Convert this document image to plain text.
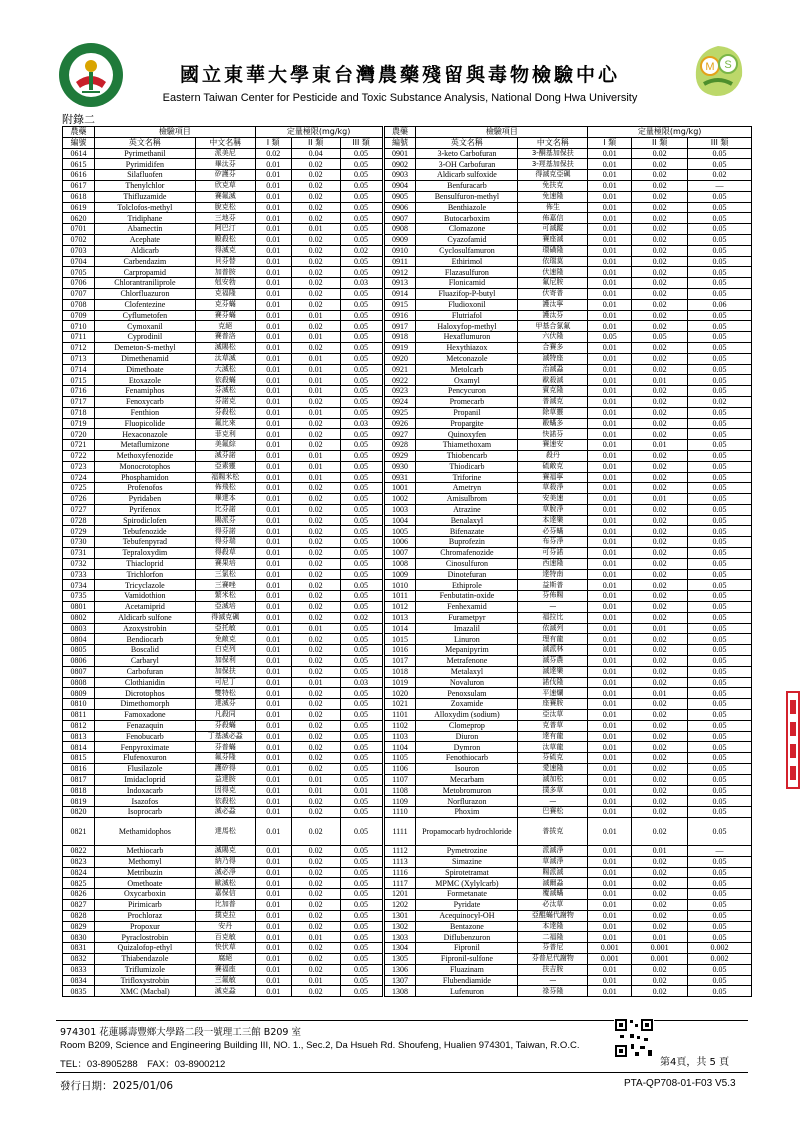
M S
國立東華大學東台灣農藥殘留與毒物檢驗中心
Eastern Taiwan Center for Pesticide and Toxic Substance Analysis, National Dong Hwa University
附錄二
農藥	檢驗項目		定量極限(mg/kg)		
編號	英文名稱	中文名稱	I 類	II 類	III 類
0614	Pyrimethanil	派美尼	0.02	0.04	0.05
0615	Pyrimidifen	畢汰芬	0.01	0.02	0.05
0616	Silafluofen	矽護芬	0.01	0.02	0.05
0617	Thenylchlor	欣克草	0.01	0.02	0.05
0618	Thifluzamide	賽氟滅	0.01	0.02	0.05
0619	Tolclofos-methyl	脫克松	0.01	0.02	0.05
0620	Tridiphane	三地芬	0.01	0.02	0.05
0701	Abamectin	阿巴汀	0.01	0.01	0.05
0702	Acephate	毆殺松	0.01	0.02	0.05
0703	Aldicarb	得滅克	0.01	0.02	0.02
0704	Carbendazim	貝芬替	0.01	0.02	0.05
0705	Carpropamid	加普胺	0.01	0.02	0.05
0706	Chlorantraniliprole	剋安勃	0.01	0.02	0.03
0707	Chlorfluazuron	克福隆	0.01	0.02	0.05
0708	Clofentezine	克芬蟎	0.01	0.02	0.05
0709	Cyflumetofen	賽芬蟎	0.01	0.01	0.05
0710	Cymoxanil	克絕	0.01	0.02	0.05
0711	Cyprodinil	賽普洛	0.01	0.01	0.05
0712	Demeton-S-methyl	滅賜松	0.01	0.02	0.05
0713	Dimethenamid	汰草滅	0.01	0.01	0.05
0714	Dimethoate	大滅松	0.01	0.01	0.05
0715	Etoxazole	依殺蟎	0.01	0.01	0.05
0716	Fenamiphos	芬滅松	0.01	0.01	0.05
0717	Fenoxycarb	芬諾克	0.01	0.02	0.05
0718	Fenthion	芬殺松	0.01	0.01	0.05
0719	Fluopicolide	氟比來	0.01	0.02	0.03
0720	Hexaconazole	菲克利	0.01	0.02	0.05
0721	Metaflumizone	美氟綜	0.01	0.02	0.05
0722	Methoxyfenozide	滅芬諾	0.01	0.01	0.05
0723	Monocrotophos	亞素靈	0.01	0.01	0.05
0724	Phosphamidon	福賜米松	0.01	0.01	0.05
0725	Profenofos	佈飛松	0.01	0.02	0.05
0726	Pyridaben	畢達本	0.01	0.02	0.05
0727	Pyrifenox	比芬諾	0.01	0.02	0.05
0728	Spirodiclofen	賜派芬	0.01	0.02	0.05
0729	Tebufenozide	得芬諾	0.01	0.02	0.05
0730	Tebufenpyrad	得芬瑞	0.01	0.02	0.05
0731	Tepraloxydim	得殺草	0.01	0.02	0.05
0732	Thiacloprid	賽果培	0.01	0.02	0.05
0733	Trichlorfon	三氯松	0.01	0.02	0.05
0734	Tricyclazole	三賽唑	0.01	0.02	0.05
0735	Vamidothion	繁米松	0.01	0.02	0.05
0801	Acetamiprid	亞滅培	0.01	0.02	0.05
0802	Aldicarb sulfone	得滅克碸	0.01	0.02	0.02
0803	Azoxystrobin	亞托敏	0.01	0.01	0.05
0804	Bendiocarb	免敵克	0.01	0.02	0.05
0805	Boscalid	白克列	0.01	0.02	0.05
0806	Carbaryl	加保利	0.01	0.02	0.05
0807	Carbofuran	加保扶	0.01	0.02	0.05
0808	Clothianidin	可尼丁	0.01	0.01	0.03
0809	Dicrotophos	雙特松	0.01	0.02	0.05
0810	Dimethomorph	達滅芬	0.01	0.02	0.05
0811	Famoxadone	凡殺同	0.01	0.02	0.05
0812	Fenazaquin	芬殺蟎	0.01	0.02	0.05
0813	Fenobucarb	丁基滅必蝨	0.01	0.02	0.05
0814	Fenpyroximate	芬普蟎	0.01	0.02	0.05
0815	Flufenoxuron	氟芬隆	0.01	0.02	0.05
0816	Flusilazole	護矽得	0.01	0.02	0.05
0817	Imidacloprid	益達胺	0.01	0.01	0.05
0818	Indoxacarb	因得克	0.01	0.01	0.01
0819	Isazofos	依殺松	0.01	0.02	0.05
0820	Isoprocarb	滅必蝨	0.01	0.02	0.05
0821	Methamidophos	達馬松	0.01	0.02	0.05
0822	Methiocarb	滅賜克	0.01	0.02	0.05
0823	Methomyl	納乃得	0.01	0.02	0.05
0824	Metribuzin	滅必淨	0.01	0.02	0.05
0825	Omethoate	歐滅松	0.01	0.02	0.05
0826	Oxycarboxin	嘉保信	0.01	0.02	0.05
0827	Pirimicarb	比加普	0.01	0.02	0.05
0828	Prochloraz	撲克拉	0.01	0.02	0.05
0829	Propoxur	安丹	0.01	0.02	0.05
0830	Pyraclostrobin	百克敏	0.01	0.01	0.05
0831	Quizalofop-ethyl	快伏草	0.01	0.02	0.05
0832	Thiabendazole	腐絕	0.01	0.02	0.05
0833	Triflumizole	賽福座	0.01	0.02	0.05
0834	Trifloxystrobin	三氟敏	0.01	0.01	0.05
0835	XMC (Macbal)	滅克蝨	0.01	0.02	0.05
農藥	檢驗項目		定量極限(mg/kg)		
編號	英文名稱	中文名稱	I 類	II 類	III 類
0901	3-keto Carbofuran	3-酮基加保扶	0.01	0.02	0.05
0902	3-OH Carbofuran	3-羥基加保扶	0.01	0.02	0.05
0903	Aldicarb sulfoxide	得滅克亞碸	0.01	0.02	0.02
0904	Benfuracarb	免扶克	0.01	0.02	—
0905	Bensulfuron-methyl	免速隆	0.01	0.02	0.05
0906	Benthiazole	佈生	0.01	0.02	0.05
0907	Butocarboxim	佈嘉信	0.01	0.02	0.05
0908	Clomazone	可滅蹤	0.01	0.02	0.05
0909	Cyazofamid	賽座滅	0.01	0.02	0.05
0910	Cyclosulfamuron	環磺隆	0.01	0.02	0.05
0911	Ethirimol	依瑞莫	0.01	0.02	0.05
0912	Flazasulfuron	伏速隆	0.01	0.02	0.05
0913	Flonicamid	氟尼胺	0.01	0.02	0.05
0914	Fluazifop-P-butyl	伏寄普	0.01	0.02	0.05
0915	Fludioxonil	護汰寧	0.01	0.02	0.06
0916	Flutriafol	護汰芬	0.01	0.02	0.05
0917	Haloxyfop-methyl	甲基合氯氟	0.01	0.02	0.05
0918	Hexaflumuron	六伏隆	0.05	0.05	0.05
0919	Hexythiazox	合賽多	0.01	0.02	0.05
0920	Metconazole	滅特座	0.01	0.02	0.05
0921	Metolcarb	治滅蝨	0.01	0.02	0.05
0922	Oxamyl	歐殺滅	0.01	0.01	0.05
0923	Pencycuron	賓克隆	0.01	0.02	0.05
0924	Promecarb	普滅克	0.01	0.02	0.02
0925	Propanil	除草靈	0.01	0.02	0.05
0926	Propargite	毆蟎多	0.01	0.02	0.05
0927	Quinoxyfen	快諾芬	0.01	0.02	0.05
0928	Thiamethoxam	賽速安	0.01	0.01	0.05
0929	Thiobencarb	殺丹	0.01	0.02	0.05
0930	Thiodicarb	硫敵克	0.01	0.02	0.05
0931	Triforine	賽福寧	0.01	0.02	0.05
1001	Ametryn	草殺淨	0.01	0.02	0.05
1002	Amisulbrom	安美速	0.01	0.01	0.05
1003	Atrazine	草脫淨	0.01	0.02	0.05
1004	Benalaxyl	本達樂	0.01	0.02	0.05
1005	Bifenazate	必芬蟎	0.01	0.02	0.05
1006	Buprofezin	布芬淨	0.01	0.02	0.05
1007	Chromafenozide	可芬諾	0.01	0.02	0.05
1008	Cinosulfuron	西速隆	0.01	0.02	0.05
1009	Dinotefuran	達特南	0.01	0.02	0.05
1010	Ethiprole	益斯普	0.01	0.02	0.05
1011	Fenbutatin-oxide	芬佈賜	0.01	0.02	0.05
1012	Fenhexamid	—	0.01	0.02	0.05
1013	Furametpyr	福拉比	0.01	0.02	0.05
1014	Imazalil	依滅列	0.01	0.01	0.05
1015	Linuron	理有龍	0.01	0.02	0.05
1016	Mepanipyrim	滅派林	0.01	0.02	0.05
1017	Metrafenone	滅芬農	0.01	0.02	0.05
1018	Metalaxyl	滅達樂	0.01	0.02	0.05
1019	Novaluron	諾伐隆	0.01	0.02	0.05
1020	Penoxsulam	平速爛	0.01	0.01	0.05
1021	Zoxamide	座賽胺	0.01	0.02	0.05
1101	Alloxydim (sodium)	亞汰草	0.01	0.02	0.05
1102	Clomeprop	克普草	0.01	0.02	0.05
1103	Diuron	達有龍	0.01	0.02	0.05
1104	Dymron	汰草龍	0.01	0.02	0.05
1105	Fenothiocarb	芬硫克	0.01	0.02	0.05
1106	Isouron	愛速隆	0.01	0.02	0.05
1107	Mecarbam	滅加松	0.01	0.02	0.05
1108	Metobromuron	撲多草	0.01	0.02	0.05
1109	Norflurazon	—	0.01	0.02	0.05
1110	Phoxim	巴賽松	0.01	0.02	0.05
1111	Propamocarb hydrochloride	普拔克	0.01	0.02	0.05
1112	Pymetrozine	派滅淨	0.01	0.01	—
1113	Simazine	草滅淨	0.01	0.02	0.05
1116	Spirotetramat	賜派滅	0.01	0.02	0.05
1117	MPMC (Xylylcarb)	滅爾蝨	0.01	0.02	0.05
1201	Formetanate	覆滅蟎	0.01	0.02	0.05
1202	Pyridate	必汰草	0.01	0.02	0.05
1301	Acequinocyl-OH	亞醌蟎代謝物	0.01	0.02	0.05
1302	Bentazone	本達隆	0.01	0.02	0.05
1303	Diflubenzuron	二福隆	0.01	0.01	0.05
1304	Fipronil	芬普尼	0.001	0.001	0.002
1305	Fipronil-sulfone	芬普尼代謝物	0.001	0.001	0.002
1306	Fluazinam	扶吉胺	0.01	0.02	0.05
1307	Flubendiamide	—	0.01	0.02	0.05
1308	Lufenuron	祿芬隆	0.01	0.02	0.05
974301 花蓮縣壽豐鄉大學路二段一號理工三館 B209 室
Room B209, Science and Engineering Building III, NO. 1., Sec.2, Da Hsueh Rd. Shoufeng, Hualien 974301, Taiwan, R.O.C.
TEL：03-8905288　FAX：03-8900212	第4頁，共 5 頁
發行日期：2025/01/06	PTA-QP708-01-F03 V5.3
